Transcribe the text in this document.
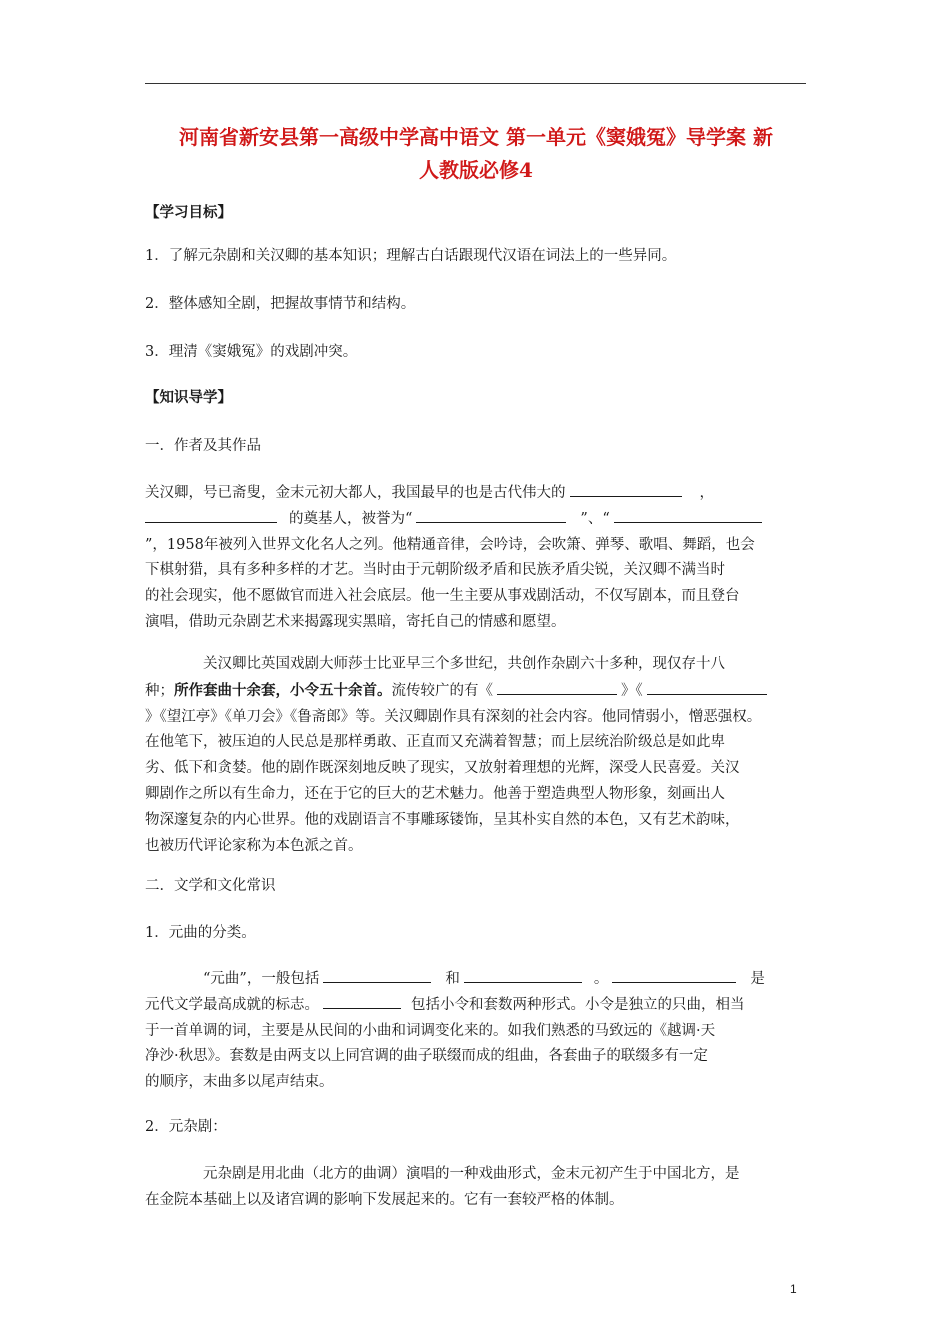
河南省新安县第一高级中学高中语文 第一单元《窦娥冤》导学案 新
人教版必修4
【学习目标】
1．了解元杂剧和关汉卿的基本知识；理解古白话跟现代汉语在词法上的一些异同。
2．整体感知全剧，把握故事情节和结构。
3．理清《窦娥冤》的戏剧冲突。
【知识导学】
一．作者及其作品
关汉卿，号已斋叟，金末元初大都人，我国最早的也是古代伟大的	，
的奠基人，被誉为“	”、“
”，1958年被列入世界文化名人之列。他精通音律，会吟诗，会吹箫、弹琴、歌唱、舞蹈，也会
下棋射猎，具有多种多样的才艺。当时由于元朝阶级矛盾和民族矛盾尖锐，关汉卿不满当时
的社会现实，他不愿做官而进入社会底层。他一生主要从事戏剧活动，不仅写剧本，而且登台
演唱，借助元杂剧艺术来揭露现实黑暗，寄托自己的情感和愿望。
关汉卿比英国戏剧大师莎士比亚早三个多世纪，共创作杂剧六十多种，现仅存十八
种；所作套曲十余套，小令五十余首。流传较广的有《	》《
》《望江亭》《单刀会》《鲁斋郎》等。关汉卿剧作具有深刻的社会内容。他同情弱小，憎恶强权。
在他笔下，被压迫的人民总是那样勇敢、正直而又充满着智慧；而上层统治阶级总是如此卑
劣、低下和贪婪。他的剧作既深刻地反映了现实，又放射着理想的光辉，深受人民喜爱。关汉
卿剧作之所以有生命力，还在于它的巨大的艺术魅力。他善于塑造典型人物形象，刻画出人
物深邃复杂的内心世界。他的戏剧语言不事雕琢镂饰，呈其朴实自然的本色，又有艺术韵味，
也被历代评论家称为本色派之首。
二．文学和文化常识
1．元曲的分类。
“元曲”，一般包括	和	。	是
元代文学最高成就的标志。	包括小令和套数两种形式。小令是独立的只曲，相当
于一首单调的词，主要是从民间的小曲和词调变化来的。如我们熟悉的马致远的《越调·天
净沙·秋思》。套数是由两支以上同宫调的曲子联缀而成的组曲，各套曲子的联缀多有一定
的顺序，末曲多以尾声结束。
2．元杂剧：
元杂剧是用北曲（北方的曲调）演唱的一种戏曲形式，金末元初产生于中国北方，是
在金院本基础上以及诸宫调的影响下发展起来的。它有一套较严格的体制。
1
